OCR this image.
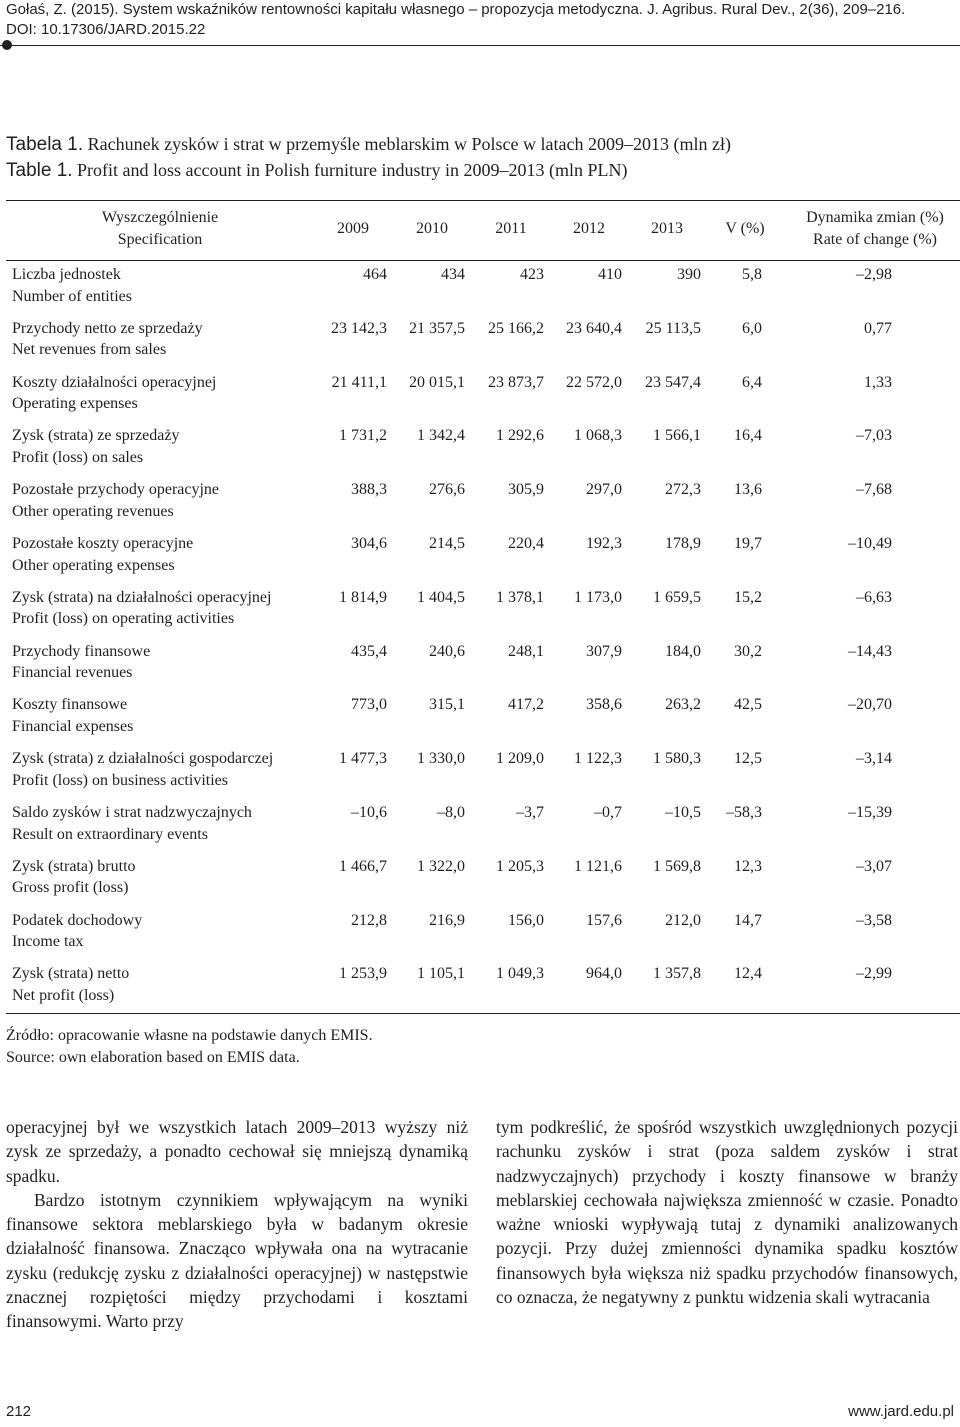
Gołaś, Z. (2015). System wskaźników rentowności kapitału własnego – propozycja metodyczna. J. Agribus. Rural Dev., 2(36), 209–216.
DOI: 10.17306/JARD.2015.22
Tabela 1. Rachunek zysków i strat w przemyśle meblarskim w Polsce w latach 2009–2013 (mln zł)
Table 1. Profit and loss account in Polish furniture industry in 2009–2013 (mln PLN)
Wyszczególnienie
Specification
2009	2010	2011	2012	2013	V (%)
Dynamika zmian (%)
Rate of change (%)
Liczba jednostek
Number of entities
464	434	423	410	390	5,8	–2,98
Przychody netto ze sprzedaży
Net revenues from sales
23 142,3	21 357,5	25 166,2	23 640,4	25 113,5	6,0	0,77
Koszty działalności operacyjnej
Operating expenses
21 411,1	20 015,1	23 873,7	22 572,0	23 547,4	6,4	1,33
Zysk (strata) ze sprzedaży
Profit (loss) on sales
1 731,2	1 342,4	1 292,6	1 068,3	1 566,1	16,4	–7,03
Pozostałe przychody operacyjne
Other operating revenues
388,3	276,6	305,9	297,0	272,3	13,6	–7,68
Pozostałe koszty operacyjne
Other operating expenses
304,6	214,5	220,4	192,3	178,9	19,7	–10,49
Zysk (strata) na działalności operacyjnej
Profit (loss) on operating activities
1 814,9	1 404,5	1 378,1	1 173,0	1 659,5	15,2	–6,63
Przychody finansowe
Financial revenues
435,4	240,6	248,1	307,9	184,0	30,2	–14,43
Koszty finansowe
Financial expenses
773,0	315,1	417,2	358,6	263,2	42,5	–20,70
Zysk (strata) z działalności gospodarczej
Profit (loss) on business activities
1 477,3	1 330,0	1 209,0	1 122,3	1 580,3	12,5	–3,14
Saldo zysków i strat nadzwyczajnych
Result on extraordinary events
–10,6	–8,0	–3,7	–0,7	–10,5	–58,3	–15,39
Zysk (strata) brutto
Gross profit (loss)
1 466,7	1 322,0	1 205,3	1 121,6	1 569,8	12,3	–3,07
Podatek dochodowy
Income tax
212,8	216,9	156,0	157,6	212,0	14,7	–3,58
Zysk (strata) netto
Net profit (loss)
1 253,9	1 105,1	1 049,3	964,0	1 357,8	12,4	–2,99
Źródło: opracowanie własne na podstawie danych EMIS.
Source: own elaboration based on EMIS data.

operacyjnej był we wszystkich latach 2009–2013 wyższy niż zysk ze sprzedaży, a ponadto cechował się mniejszą dynamiką spadku.

Bardzo istotnym czynnikiem wpływającym na wyniki finansowe sektora meblarskiego była w badanym okresie działalność finansowa. Znacząco wpływała ona na wytracanie zysku (redukcję zysku z działalności operacyjnej) w następstwie znacznej rozpiętości między przychodami i kosztami finansowymi. Warto przy

tym podkreślić, że spośród wszystkich uwzględnionych pozycji rachunku zysków i strat (poza saldem zysków i strat nadzwyczajnych) przychody i koszty finansowe w branży meblarskiej cechowała największa zmienność w czasie. Ponadto ważne wnioski wypływają tutaj z dynamiki analizowanych pozycji. Przy dużej zmienności dynamika spadku kosztów finansowych była większa niż spadku przychodów finansowych, co oznacza, że negatywny z punktu widzenia skali wytracania

212	www.jard.edu.pl
